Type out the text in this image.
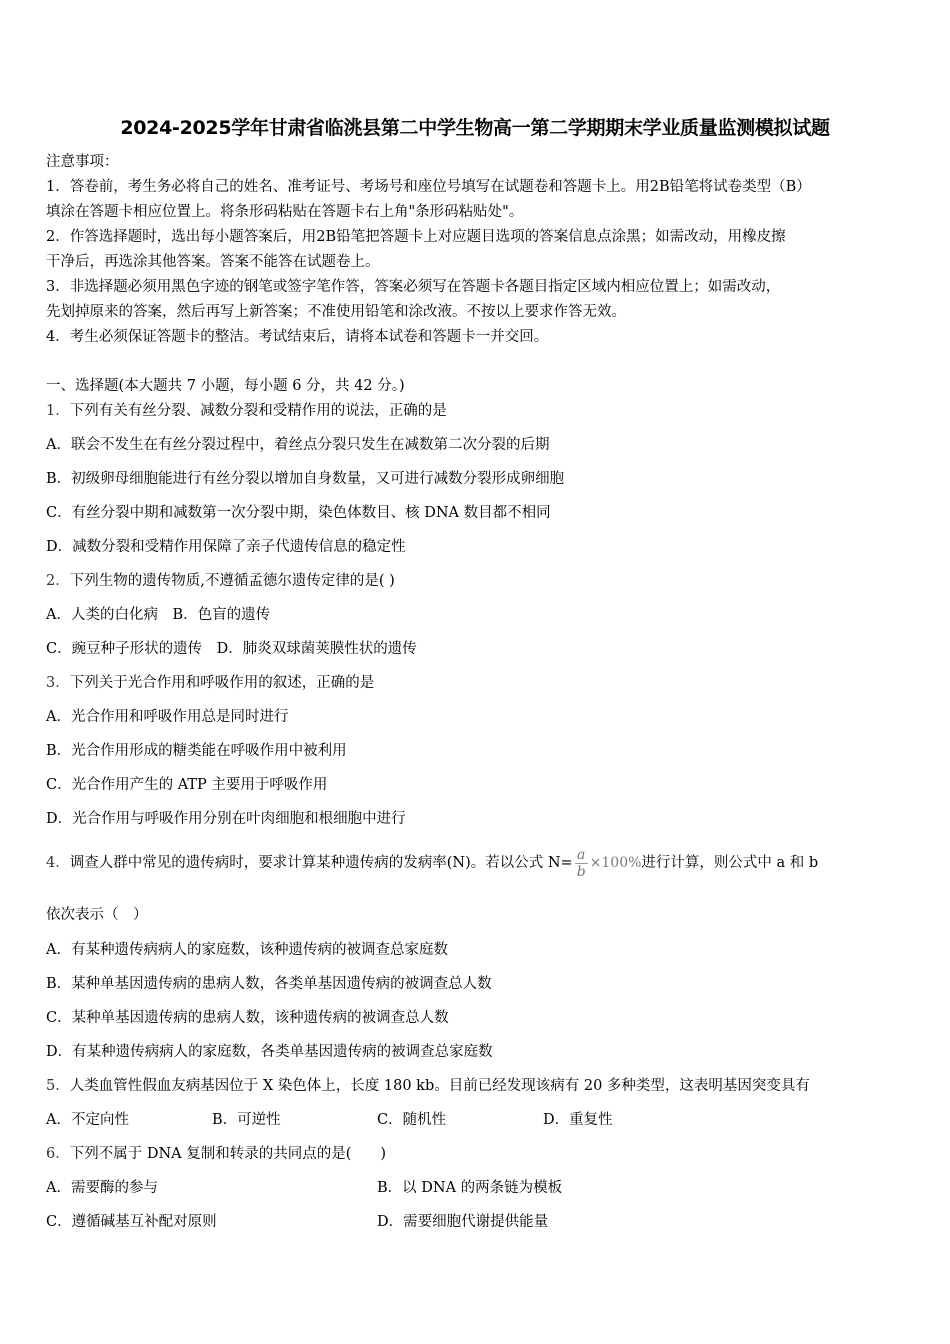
2024-2025学年甘肃省临洮县第二中学生物高一第二学期期末学业质量监测模拟试题
注意事项：
1．答卷前，考生务必将自己的姓名、准考证号、考场号和座位号填写在试题卷和答题卡上。用2B铅笔将试卷类型（B）
填涂在答题卡相应位置上。将条形码粘贴在答题卡右上角"条形码粘贴处"。
2．作答选择题时，选出每小题答案后，用2B铅笔把答题卡上对应题目选项的答案信息点涂黑；如需改动，用橡皮擦
干净后，再选涂其他答案。答案不能答在试题卷上。
3．非选择题必须用黑色字迹的钢笔或签字笔作答，答案必须写在答题卡各题目指定区域内相应位置上；如需改动，
先划掉原来的答案，然后再写上新答案；不准使用铅笔和涂改液。不按以上要求作答无效。
4．考生必须保证答题卡的整洁。考试结束后，请将本试卷和答题卡一并交回。
一、选择题(本大题共 7 小题，每小题 6 分，共 42 分。)
1．下列有关有丝分裂、减数分裂和受精作用的说法，正确的是
A．联会不发生在有丝分裂过程中，着丝点分裂只发生在减数第二次分裂的后期
B．初级卵母细胞能进行有丝分裂以增加自身数量，又可进行减数分裂形成卵细胞
C．有丝分裂中期和减数第一次分裂中期，染色体数目、核 DNA 数目都不相同
D．减数分裂和受精作用保障了亲子代遗传信息的稳定性
2．下列生物的遗传物质,不遵循孟德尔遗传定律的是( )
A．人类的白化病　B．色盲的遗传
C．豌豆种子形状的遗传　D．肺炎双球菌荚膜性状的遗传
3．下列关于光合作用和呼吸作用的叙述，正确的是
A．光合作用和呼吸作用总是同时进行
B．光合作用形成的糖类能在呼吸作用中被利用
C．光合作用产生的 ATP 主要用于呼吸作用
D．光合作用与呼吸作用分别在叶肉细胞和根细胞中进行
4．调查人群中常见的遗传病时，要求计算某种遗传病的发病率(N)。若以公式 $N= \frac{a}{b} \times 100\%$进行计算，则公式中 a 和 b
依次表示（　）
A．有某种遗传病病人的家庭数，该种遗传病的被调查总家庭数
B．某种单基因遗传病的患病人数，各类单基因遗传病的被调查总人数
C．某种单基因遗传病的患病人数，该种遗传病的被调查总人数
D．有某种遗传病病人的家庭数，各类单基因遗传病的被调查总家庭数
5．人类血管性假血友病基因位于 X 染色体上，长度 180 kb。目前已经发现该病有 20 多种类型，这表明基因突变具有
A．不定向性	B．可逆性	C．随机性	D．重复性
6．下列不属于 DNA 复制和转录的共同点的是(　　)
A．需要酶的参与	B．以 DNA 的两条链为模板
C．遵循碱基互补配对原则	D．需要细胞代谢提供能量
